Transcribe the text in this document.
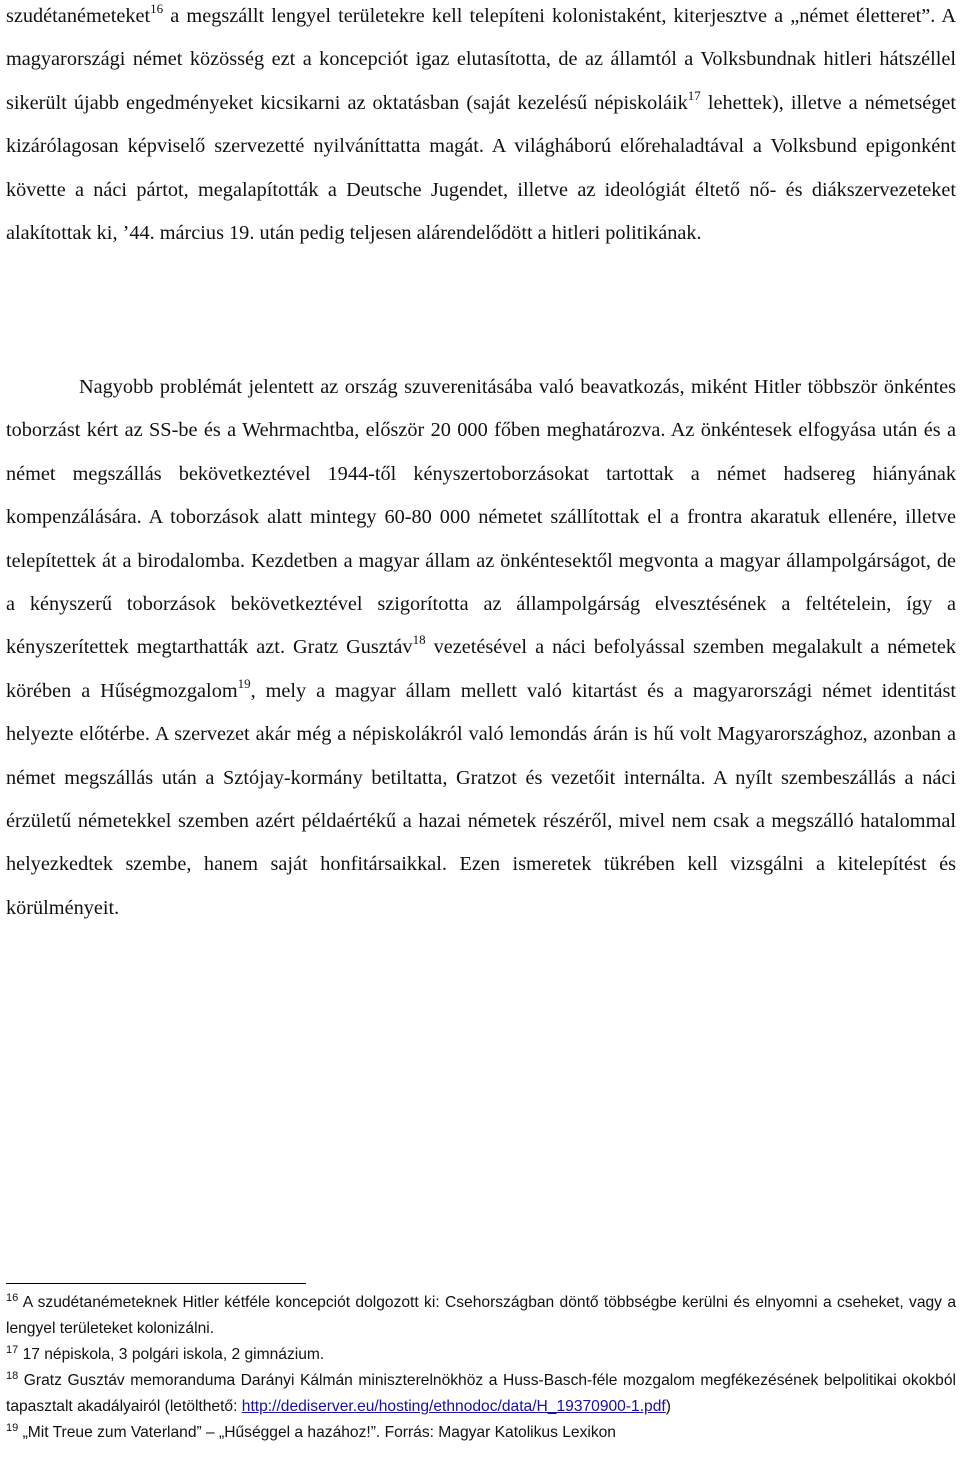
szudétanémeteket$^{16}$ a megszállt lengyel területekre kell telepíteni kolonistaként, kiterjesztve a „német életteret”. A magyarországi német közösség ezt a koncepciót igaz elutasította, de az államtól a Volksbundnak hitleri hátszéllel sikerült újabb engedményeket kicsikarni az oktatásban (saját kezelésű népiskoláik$^{17}$ lehettek), illetve a németséget kizárólagosan képviselő szervezetté nyilváníttatta magát. A világháború előrehaladtával a Volksbund epigonként követte a náci pártot, megalapították a Deutsche Jugendet, illetve az ideológiát éltető nő- és diákszervezeteket alakítottak ki, ’44. március 19. után pedig teljesen alárendelődött a hitleri politikának.

Nagyobb problémát jelentett az ország szuverenitásába való beavatkozás, miként Hitler többször önkéntes toborzást kért az SS-be és a Wehrmachtba, először 20 000 főben meghatározva. Az önkéntesek elfogyása után és a német megszállás bekövetkeztével 1944-től kényszertoborzásokat tartottak a német hadsereg hiányának kompenzálására. A toborzások alatt mintegy 60-80 000 németet szállítottak el a frontra akaratuk ellenére, illetve telepítettek át a birodalomba. Kezdetben a magyar állam az önkéntesektől megvonta a magyar állampolgárságot, de a kényszerű toborzások bekövetkeztével szigorította az állampolgárság elvesztésének a feltételein, így a kényszerítettek megtarthatták azt. Gratz Gusztáv$^{18}$ vezetésével a náci befolyással szemben megalakult a németek körében a Hűségmozgalom$^{19}$, mely a magyar állam mellett való kitartást és a magyarországi német identitást helyezte előtérbe. A szervezet akár még a népiskolákról való lemondás árán is hű volt Magyarországhoz, azonban a német megszállás után a Sztójay-kormány betiltatta, Gratzot és vezetőit internálta. A nyílt szembeszállás a náci érzületű németekkel szemben azért példaértékű a hazai németek részéről, mivel nem csak a megszálló hatalommal helyezkedtek szembe, hanem saját honfitársaikkal. Ezen ismeretek tükrében kell vizsgálni a kitelepítést és körülményeit.

$^{16}$ A szudétanémeteknek Hitler kétféle koncepciót dolgozott ki: Csehországban döntő többségbe kerülni és elnyomni a cseheket, vagy a lengyel területeket kolonizálni.

$^{17}$ 17 népiskola, 3 polgári iskola, 2 gimnázium.

$^{18}$ Gratz Gusztáv memoranduma Darányi Kálmán miniszterelnökhöz a Huss-Basch-féle mozgalom megfékezésének belpolitikai okokból tapasztalt akadályairól (letölthető: http://dediserver.eu/hosting/ethnodoc/data/H_19370900-1.pdf)

$^{19}$ „Mit Treue zum Vaterland” – „Hűséggel a hazához!”. Forrás: Magyar Katolikus Lexikon
